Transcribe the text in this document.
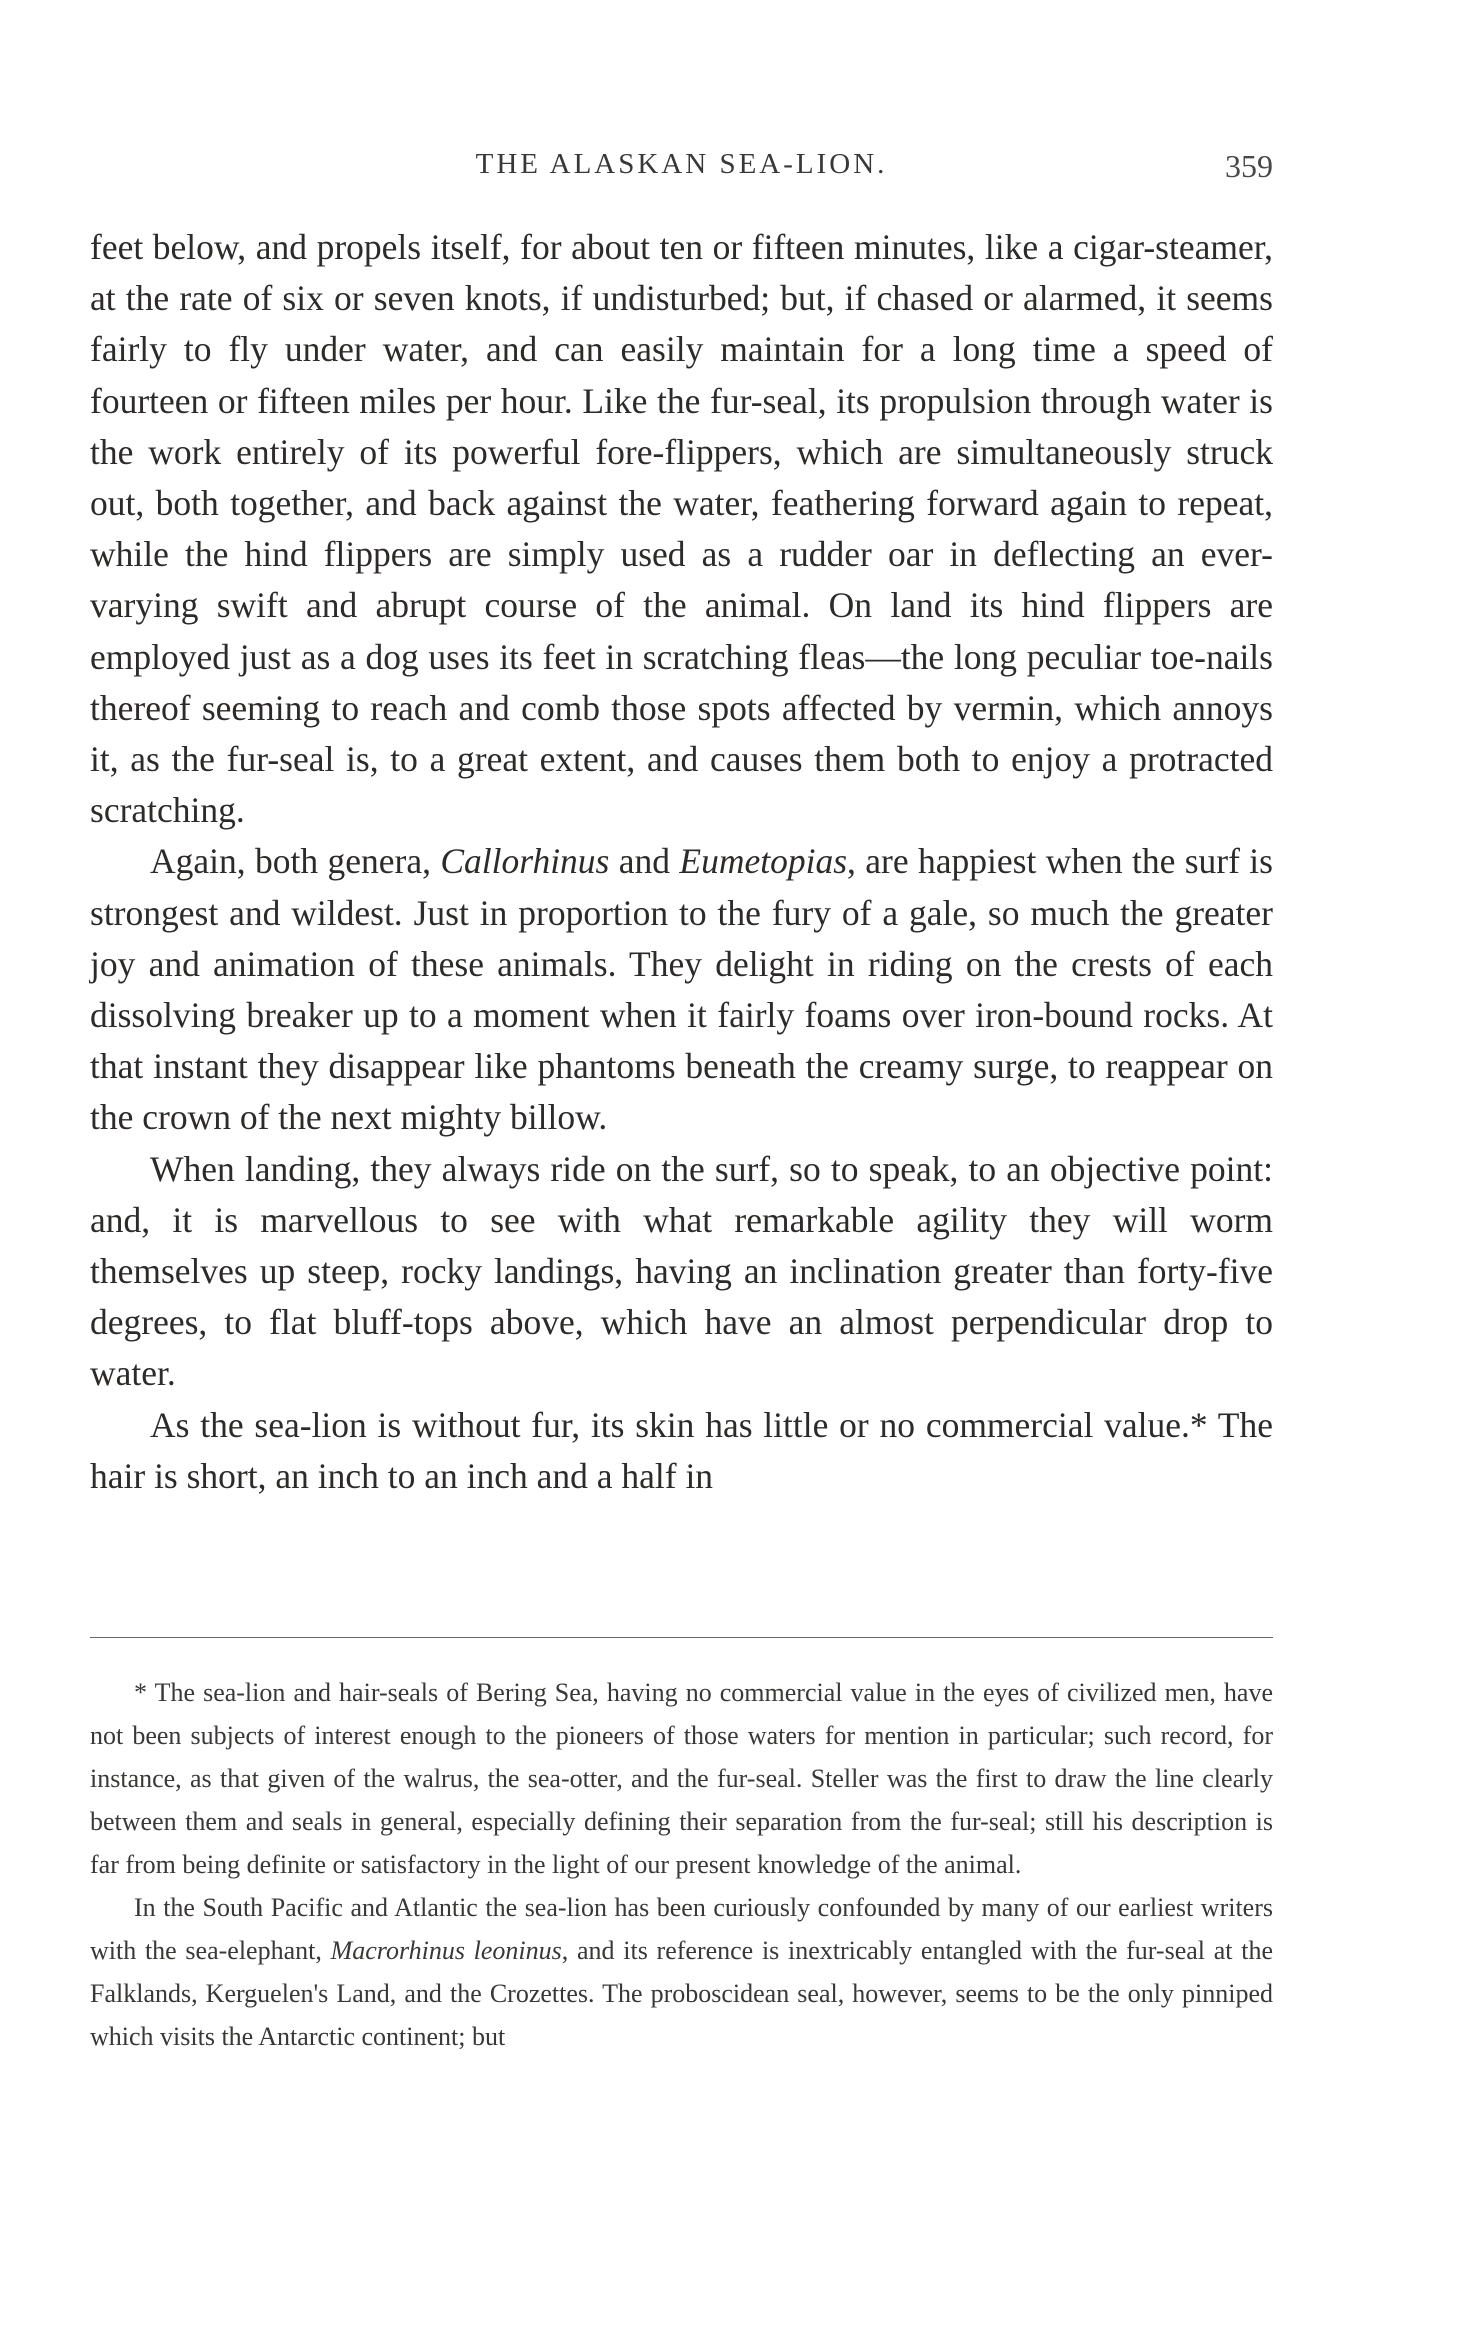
THE ALASKAN SEA-LION.	359

feet below, and propels itself, for about ten or fifteen minutes, like a cigar-steamer, at the rate of six or seven knots, if undisturbed; but, if chased or alarmed, it seems fairly to fly under water, and can easily maintain for a long time a speed of fourteen or fifteen miles per hour. Like the fur-seal, its propulsion through water is the work entirely of its powerful fore-flippers, which are simultaneously struck out, both together, and back against the water, feathering forward again to repeat, while the hind flippers are simply used as a rudder oar in deflecting an ever-varying swift and abrupt course of the animal. On land its hind flippers are employed just as a dog uses its feet in scratching fleas—the long peculiar toe-nails thereof seeming to reach and comb those spots affected by vermin, which annoys it, as the fur-seal is, to a great extent, and causes them both to enjoy a protracted scratching.

Again, both genera, Callorhinus and Eumetopias, are happiest when the surf is strongest and wildest. Just in proportion to the fury of a gale, so much the greater joy and animation of these animals. They delight in riding on the crests of each dissolving breaker up to a moment when it fairly foams over iron-bound rocks. At that instant they disappear like phantoms beneath the creamy surge, to reappear on the crown of the next mighty billow.

When landing, they always ride on the surf, so to speak, to an objective point: and, it is marvellous to see with what remarkable agility they will worm themselves up steep, rocky landings, having an inclination greater than forty-five degrees, to flat bluff-tops above, which have an almost perpendicular drop to water.

As the sea-lion is without fur, its skin has little or no commercial value.* The hair is short, an inch to an inch and a half in

* The sea-lion and hair-seals of Bering Sea, having no commercial value in the eyes of civilized men, have not been subjects of interest enough to the pioneers of those waters for mention in particular; such record, for instance, as that given of the walrus, the sea-otter, and the fur-seal. Steller was the first to draw the line clearly between them and seals in general, especially defining their separation from the fur-seal; still his description is far from being definite or satisfactory in the light of our present knowledge of the animal.

In the South Pacific and Atlantic the sea-lion has been curiously confounded by many of our earliest writers with the sea-elephant, Macrorhinus leoninus, and its reference is inextricably entangled with the fur-seal at the Falklands, Kerguelen's Land, and the Crozettes. The proboscidean seal, however, seems to be the only pinniped which visits the Antarctic continent; but
